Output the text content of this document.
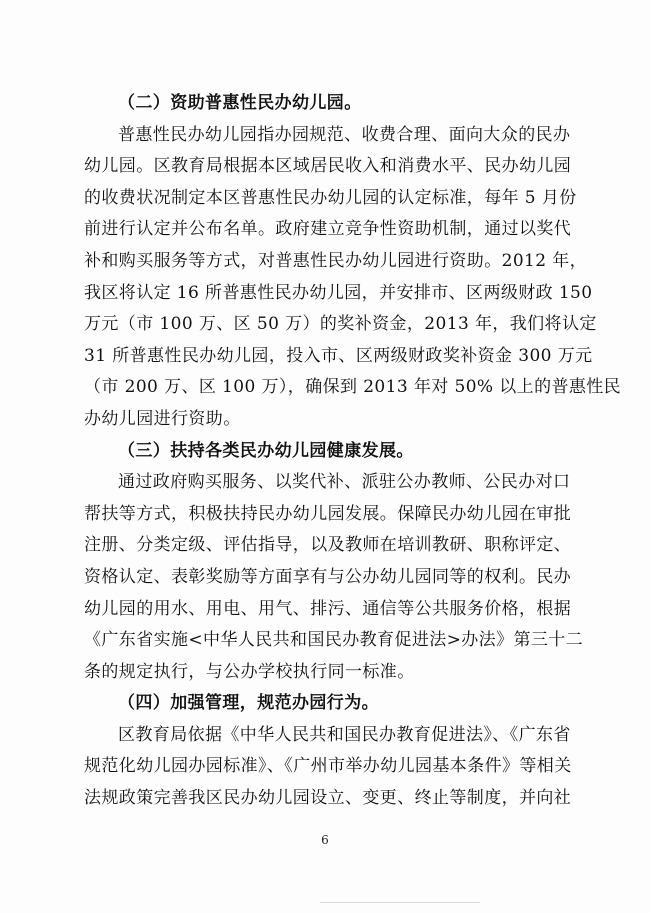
（二）资助普惠性民办幼儿园。

普惠性民办幼儿园指办园规范、收费合理、面向大众的民办

幼儿园。区教育局根据本区域居民收入和消费水平、民办幼儿园

的收费状况制定本区普惠性民办幼儿园的认定标准，每年 5 月份

前进行认定并公布名单。政府建立竞争性资助机制，通过以奖代

补和购买服务等方式，对普惠性民办幼儿园进行资助。2012 年，

我区将认定 16 所普惠性民办幼儿园，并安排市、区两级财政 150

万元（市 100 万、区 50 万）的奖补资金，2013 年，我们将认定

31 所普惠性民办幼儿园，投入市、区两级财政奖补资金 300 万元

（市 200 万、区 100 万），确保到 2013 年对 50% 以上的普惠性民

办幼儿园进行资助。

（三）扶持各类民办幼儿园健康发展。

通过政府购买服务、以奖代补、派驻公办教师、公民办对口

帮扶等方式，积极扶持民办幼儿园发展。保障民办幼儿园在审批

注册、分类定级、评估指导，以及教师在培训教研、职称评定、

资格认定、表彰奖励等方面享有与公办幼儿园同等的权利。民办

幼儿园的用水、用电、用气、排污、通信等公共服务价格，根据

《广东省实施<中华人民共和国民办教育促进法>办法》第三十二

条的规定执行，与公办学校执行同一标准。

（四）加强管理，规范办园行为。

区教育局依据《中华人民共和国民办教育促进法》、《广东省

规范化幼儿园办园标准》、《广州市举办幼儿园基本条件》等相关

法规政策完善我区民办幼儿园设立、变更、终止等制度，并向社

6
